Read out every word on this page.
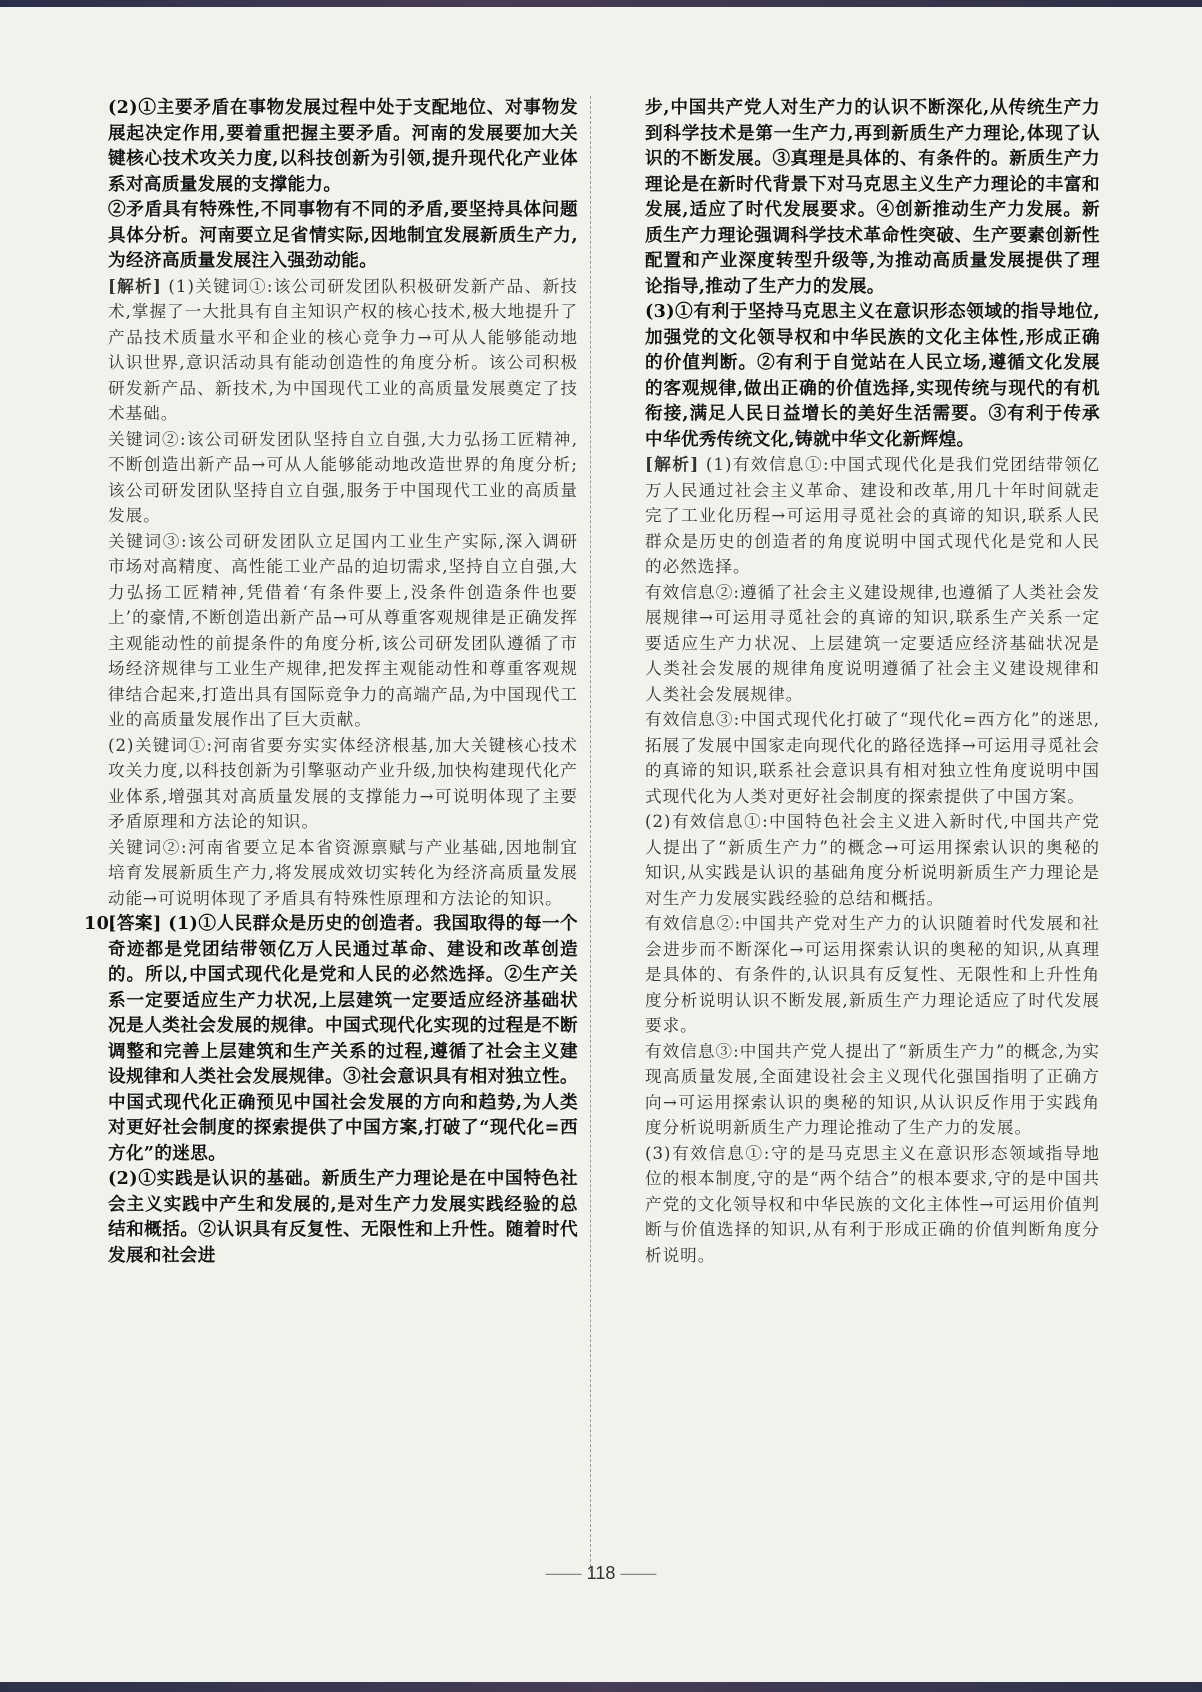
(2)①主要矛盾在事物发展过程中处于支配地位、对事物发展起决定作用,要着重把握主要矛盾。河南的发展要加大关键核心技术攻关力度,以科技创新为引领,提升现代化产业体系对高质量发展的支撑能力。

②矛盾具有特殊性,不同事物有不同的矛盾,要坚持具体问题具体分析。河南要立足省情实际,因地制宜发展新质生产力,为经济高质量发展注入强劲动能。

[解析] (1)关键词①:该公司研发团队积极研发新产品、新技术,掌握了一大批具有自主知识产权的核心技术,极大地提升了产品技术质量水平和企业的核心竞争力→可从人能够能动地认识世界,意识活动具有能动创造性的角度分析。该公司积极研发新产品、新技术,为中国现代工业的高质量发展奠定了技术基础。

关键词②:该公司研发团队坚持自立自强,大力弘扬工匠精神,不断创造出新产品→可从人能够能动地改造世界的角度分析;该公司研发团队坚持自立自强,服务于中国现代工业的高质量发展。

关键词③:该公司研发团队立足国内工业生产实际,深入调研市场对高精度、高性能工业产品的迫切需求,坚持自立自强,大力弘扬工匠精神,凭借着‘有条件要上,没条件创造条件也要上’的豪情,不断创造出新产品→可从尊重客观规律是正确发挥主观能动性的前提条件的角度分析,该公司研发团队遵循了市场经济规律与工业生产规律,把发挥主观能动性和尊重客观规律结合起来,打造出具有国际竞争力的高端产品,为中国现代工业的高质量发展作出了巨大贡献。

(2)关键词①:河南省要夯实实体经济根基,加大关键核心技术攻关力度,以科技创新为引擎驱动产业升级,加快构建现代化产业体系,增强其对高质量发展的支撑能力→可说明体现了主要矛盾原理和方法论的知识。

关键词②:河南省要立足本省资源禀赋与产业基础,因地制宜培育发展新质生产力,将发展成效切实转化为经济高质量发展动能→可说明体现了矛盾具有特殊性原理和方法论的知识。

10.
[答案] (1)①人民群众是历史的创造者。我国取得的每一个奇迹都是党团结带领亿万人民通过革命、建设和改革创造的。所以,中国式现代化是党和人民的必然选择。②生产关系一定要适应生产力状况,上层建筑一定要适应经济基础状况是人类社会发展的规律。中国式现代化实现的过程是不断调整和完善上层建筑和生产关系的过程,遵循了社会主义建设规律和人类社会发展规律。③社会意识具有相对独立性。中国式现代化正确预见中国社会发展的方向和趋势,为人类对更好社会制度的探索提供了中国方案,打破了“现代化=西方化”的迷思。

(2)①实践是认识的基础。新质生产力理论是在中国特色社会主义实践中产生和发展的,是对生产力发展实践经验的总结和概括。②认识具有反复性、无限性和上升性。随着时代发展和社会进

步,中国共产党人对生产力的认识不断深化,从传统生产力到科学技术是第一生产力,再到新质生产力理论,体现了认识的不断发展。③真理是具体的、有条件的。新质生产力理论是在新时代背景下对马克思主义生产力理论的丰富和发展,适应了时代发展要求。④创新推动生产力发展。新质生产力理论强调科学技术革命性突破、生产要素创新性配置和产业深度转型升级等,为推动高质量发展提供了理论指导,推动了生产力的发展。

(3)①有利于坚持马克思主义在意识形态领域的指导地位,加强党的文化领导权和中华民族的文化主体性,形成正确的价值判断。②有利于自觉站在人民立场,遵循文化发展的客观规律,做出正确的价值选择,实现传统与现代的有机衔接,满足人民日益增长的美好生活需要。③有利于传承中华优秀传统文化,铸就中华文化新辉煌。

[解析] (1)有效信息①:中国式现代化是我们党团结带领亿万人民通过社会主义革命、建设和改革,用几十年时间就走完了工业化历程→可运用寻觅社会的真谛的知识,联系人民群众是历史的创造者的角度说明中国式现代化是党和人民的必然选择。

有效信息②:遵循了社会主义建设规律,也遵循了人类社会发展规律→可运用寻觅社会的真谛的知识,联系生产关系一定要适应生产力状况、上层建筑一定要适应经济基础状况是人类社会发展的规律角度说明遵循了社会主义建设规律和人类社会发展规律。

有效信息③:中国式现代化打破了“现代化=西方化”的迷思,拓展了发展中国家走向现代化的路径选择→可运用寻觅社会的真谛的知识,联系社会意识具有相对独立性角度说明中国式现代化为人类对更好社会制度的探索提供了中国方案。

(2)有效信息①:中国特色社会主义进入新时代,中国共产党人提出了“新质生产力”的概念→可运用探索认识的奥秘的知识,从实践是认识的基础角度分析说明新质生产力理论是对生产力发展实践经验的总结和概括。

有效信息②:中国共产党对生产力的认识随着时代发展和社会进步而不断深化→可运用探索认识的奥秘的知识,从真理是具体的、有条件的,认识具有反复性、无限性和上升性角度分析说明认识不断发展,新质生产力理论适应了时代发展要求。

有效信息③:中国共产党人提出了“新质生产力”的概念,为实现高质量发展,全面建设社会主义现代化强国指明了正确方向→可运用探索认识的奥秘的知识,从认识反作用于实践角度分析说明新质生产力理论推动了生产力的发展。

(3)有效信息①:守的是马克思主义在意识形态领域指导地位的根本制度,守的是“两个结合”的根本要求,守的是中国共产党的文化领导权和中华民族的文化主体性→可运用价值判断与价值选择的知识,从有利于形成正确的价值判断角度分析说明。

—— 118 ——
